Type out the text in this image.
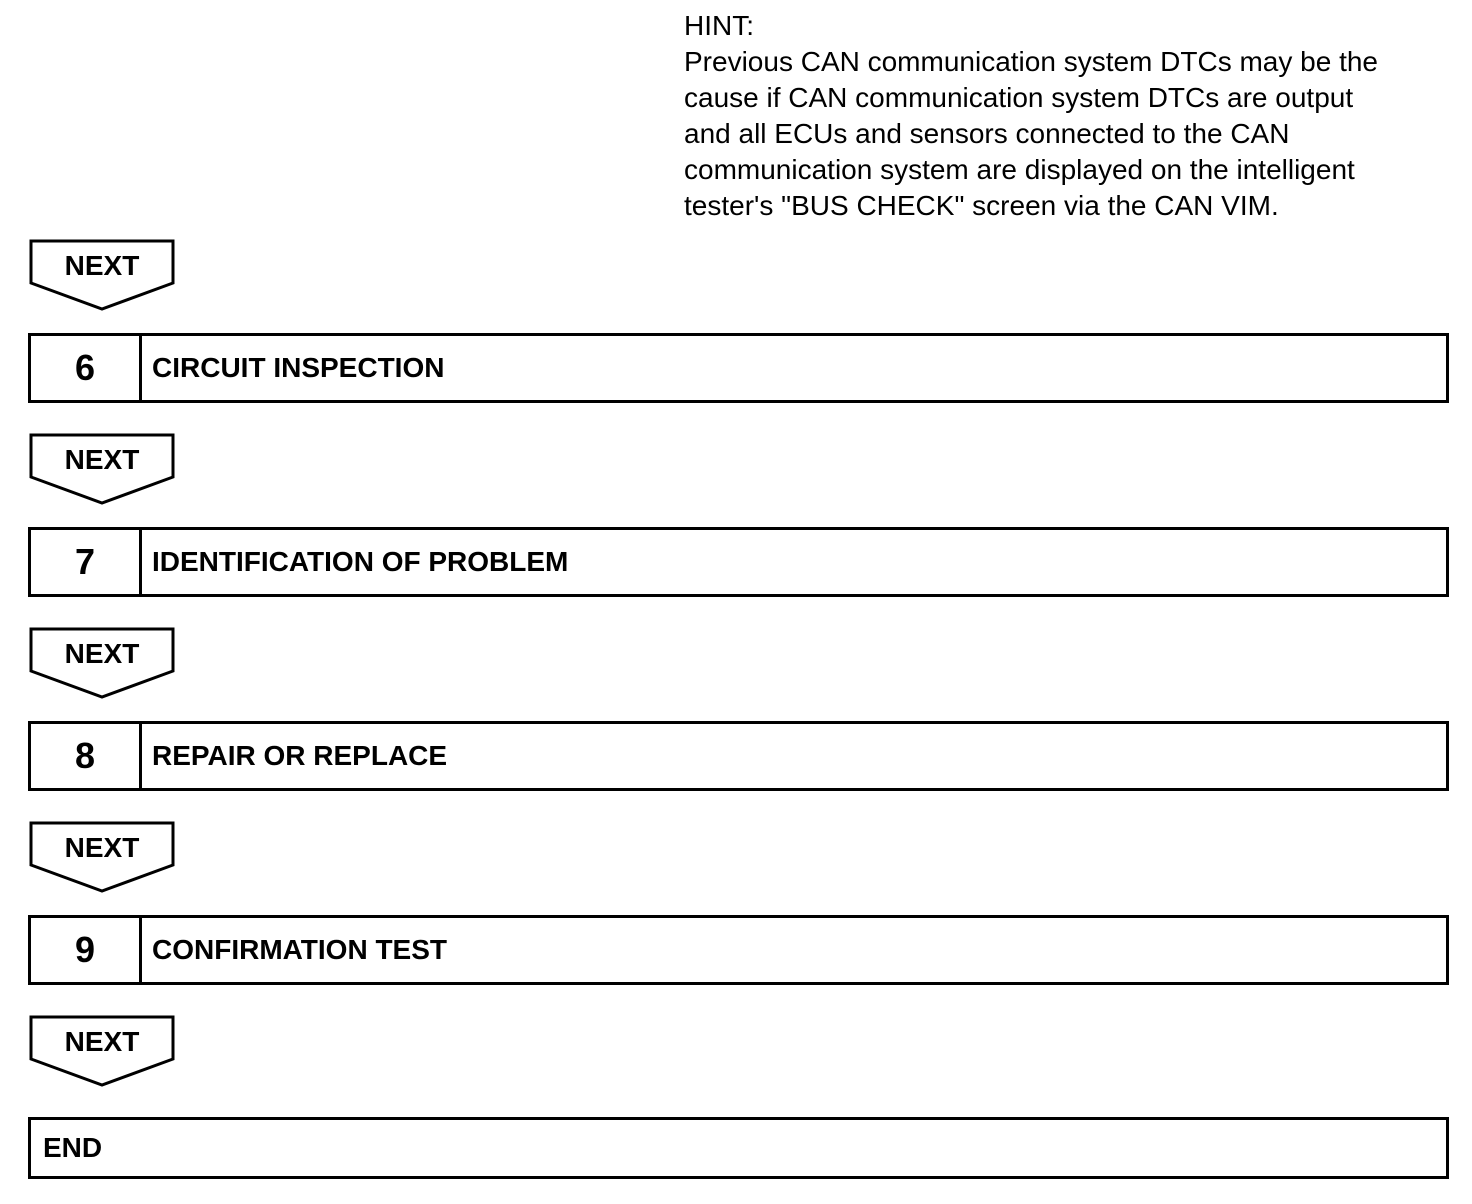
HINT:
Previous CAN communication system DTCs may be the
cause if CAN communication system DTCs are output
and all ECUs and sensors connected to the CAN
communication system are displayed on the intelligent
tester's "BUS CHECK" screen via the CAN VIM.
NEXT
6	CIRCUIT INSPECTION
NEXT
7	IDENTIFICATION OF PROBLEM
NEXT
8	REPAIR OR REPLACE
NEXT
9	CONFIRMATION TEST
NEXT
END
